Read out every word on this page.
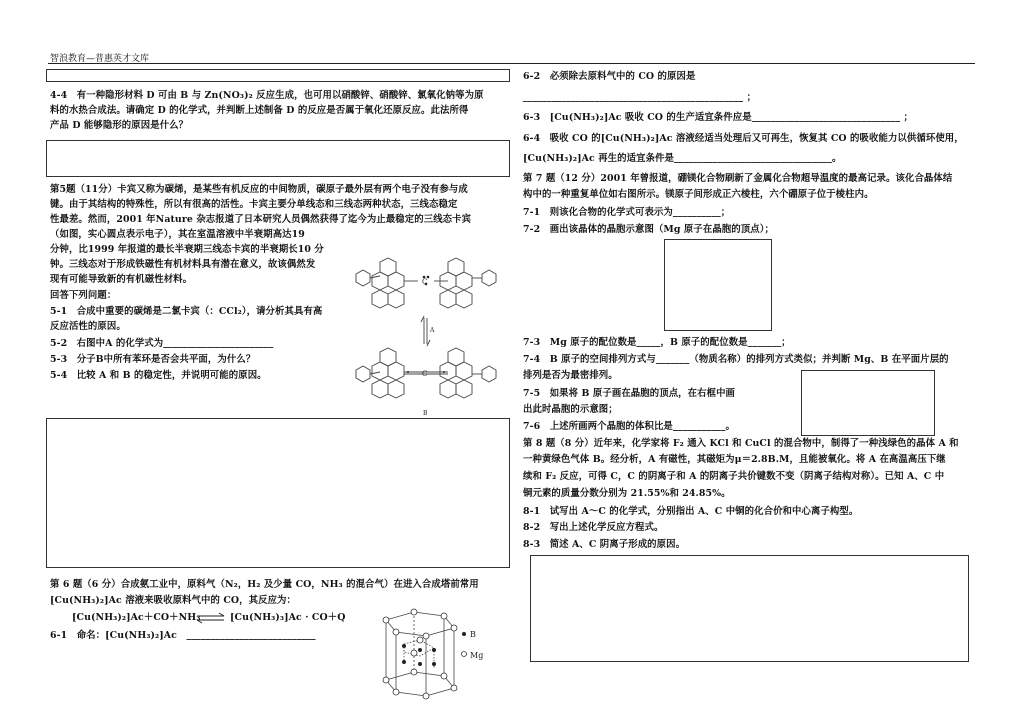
智浪教育—普惠英才文库
4-4　有一种隐形材料 D 可由 B 与 Zn(NO₃)₂ 反应生成，也可用以硝酸锌、硝酸锌、氯氧化钠等为原
料的水热合成法。请确定 D 的化学式，并判断上述制备 D 的反应是否属于氧化还原反应。此法所得
产品 D 能够隐形的原因是什么？
第5题（11分）卡宾又称为碳烯，是某些有机反应的中间物质，碳原子最外层有两个电子没有参与成
键。由于其结构的特殊性，所以有很高的活性。卡宾主要分单线态和三线态两种状态，三线态稳定
性最差。然而，2001 年Nature 杂志报道了日本研究人员偶然获得了迄今为止最稳定的三线态卡宾
（如图，实心圆点表示电子），其在室温溶液中半衰期高达19
分钟，比1999 年报道的最长半衰期三线态卡宾的半衰期长10 分
钟。三线态对于形成铁磁性有机材料具有潜在意义，故该偶然发
现有可能导致新的有机磁性材料。
回答下列问题：
5-1　合成中重要的碳烯是二氯卡宾（：CCl₂），请分析其具有高
反应活性的原因。
5-2　右图中A 的化学式为_______________________
5-3　分子B中所有苯环是否会共平面，为什么？
5-4　比较 A 和 B 的稳定性，并说明可能的原因。
C
C
A
B
第 6 题（6 分）合成氨工业中，原料气（N₂，H₂ 及少量 CO，NH₃ 的混合气）在进入合成塔前常用
[Cu(NH₃)₂]Ac 溶液来吸收原料气中的 CO，其反应为：
[Cu(NH₃)₂]Ac＋CO＋NH₃ ⇌ [Cu(NH₃)₃]Ac · CO＋Q
6-1　命名：[Cu(NH₃)₂]Ac　___________________________	B
Mg
6-2　必须除去原料气中的 CO 的原因是
______________________________________________ ；
6-3　[Cu(NH₃)₂]Ac 吸收 CO 的生产适宜条件应是_______________________________ ；
6-4　吸收 CO 的[Cu(NH₃)₂]Ac 溶液经适当处理后又可再生，恢复其 CO 的吸收能力以供循环使用，
[Cu(NH₃)₂]Ac 再生的适宜条件是_________________________________。
第 7 题（12 分）2001 年曾报道，硼镁化合物刷新了金属化合物超导温度的最高记录。该化合晶体结
构中的一种重复单位如右图所示。镁原子间形成正六棱柱，六个硼原子位于棱柱内。
7-1　则该化合物的化学式可表示为__________；
7-2　画出该晶体的晶胞示意图（Mg 原子在晶胞的顶点）；
7-3　Mg 原子的配位数是_____，B 原子的配位数是_______；
7-4　B 原子的空间排列方式与_______（物质名称）的排列方式类似；并判断 Mg、B 在平面片层的
排列是否为最密排列。
7-5　如果将 B 原子画在晶胞的顶点，在右框中画
出此时晶胞的示意图；
7-6　上述所画两个晶胞的体积比是___________。
第 8 题（8 分）近年来，化学家将 F₂ 通入 KCl 和 CuCl 的混合物中，制得了一种浅绿色的晶体 A 和
一种黄绿色气体 B。经分析，A 有磁性，其磁矩为μ＝2.8B.M，且能被氧化。将 A 在高温高压下继
续和 F₂ 反应，可得 C，C 的阴离子和 A 的阴离子共价键数不变（阴离子结构对称）。已知 A、C 中
铜元素的质量分数分别为 21.55%和 24.85%。
8-1　试写出 A～C 的化学式，分别指出 A、C 中铜的化合价和中心离子构型。
8-2　写出上述化学反应方程式。
8-3　简述 A、C 阴离子形成的原因。
